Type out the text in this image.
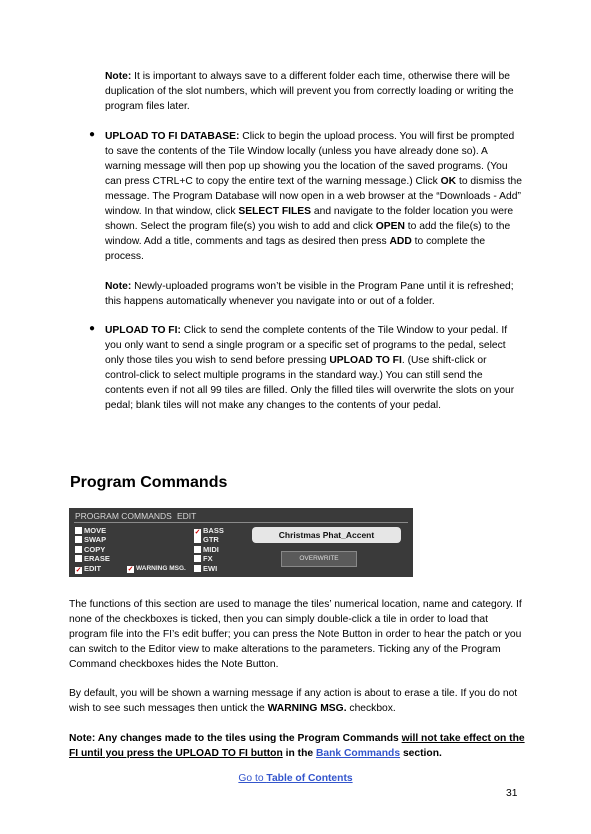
Note: It is important to always save to a different folder each time, otherwise there will be duplication of the slot numbers, which will prevent you from correctly loading or writing the program files later.
● UPLOAD TO FI DATABASE: Click to begin the upload process. You will first be prompted to save the contents of the Tile Window locally (unless you have already done so). A warning message will then pop up showing you the location of the saved programs. (You can press CTRL+C to copy the entire text of the warning message.) Click OK to dismiss the message. The Program Database will now open in a web browser at the “Downloads - Add” window. In that window, click SELECT FILES and navigate to the folder location you were shown. Select the program file(s) you wish to add and click OPEN to add the file(s) to the window. Add a title, comments and tags as desired then press ADD to complete the process.
Note: Newly-uploaded programs won’t be visible in the Program Pane until it is refreshed; this happens automatically whenever you navigate into or out of a folder.
● UPLOAD TO FI: Click to send the complete contents of the Tile Window to your pedal. If you only want to send a single program or a specific set of programs to the pedal, select only those tiles you wish to send before pressing UPLOAD TO FI. (Use shift-click or control-click to select multiple programs in the standard way.) You can still send the contents even if not all 99 tiles are filled. Only the filled tiles will overwrite the slots on your pedal; blank tiles will not make any changes to the contents of your pedal.
Program Commands
PROGRAM COMMANDS EDIT
MOVE
SWAP
COPY
ERASE
✓ EDIT	✓ WARNING MSG.
✓ BASS
GTR
MIDI
FX
EWI
Christmas Phat_Accent
OVERWRITE
The functions of this section are used to manage the tiles’ numerical location, name and category. If none of the checkboxes is ticked, then you can simply double-click a tile in order to load that program file into the FI’s edit buffer; you can press the Note Button in order to hear the patch or you can switch to the Editor view to make alterations to the parameters. Ticking any of the Program Command checkboxes hides the Note Button.
By default, you will be shown a warning message if any action is about to erase a tile. If you do not wish to see such messages then untick the WARNING MSG. checkbox.
Note: Any changes made to the tiles using the Program Commands will not take effect on the FI until you press the UPLOAD TO FI button in the Bank Commands section.
Go to Table of Contents
31
